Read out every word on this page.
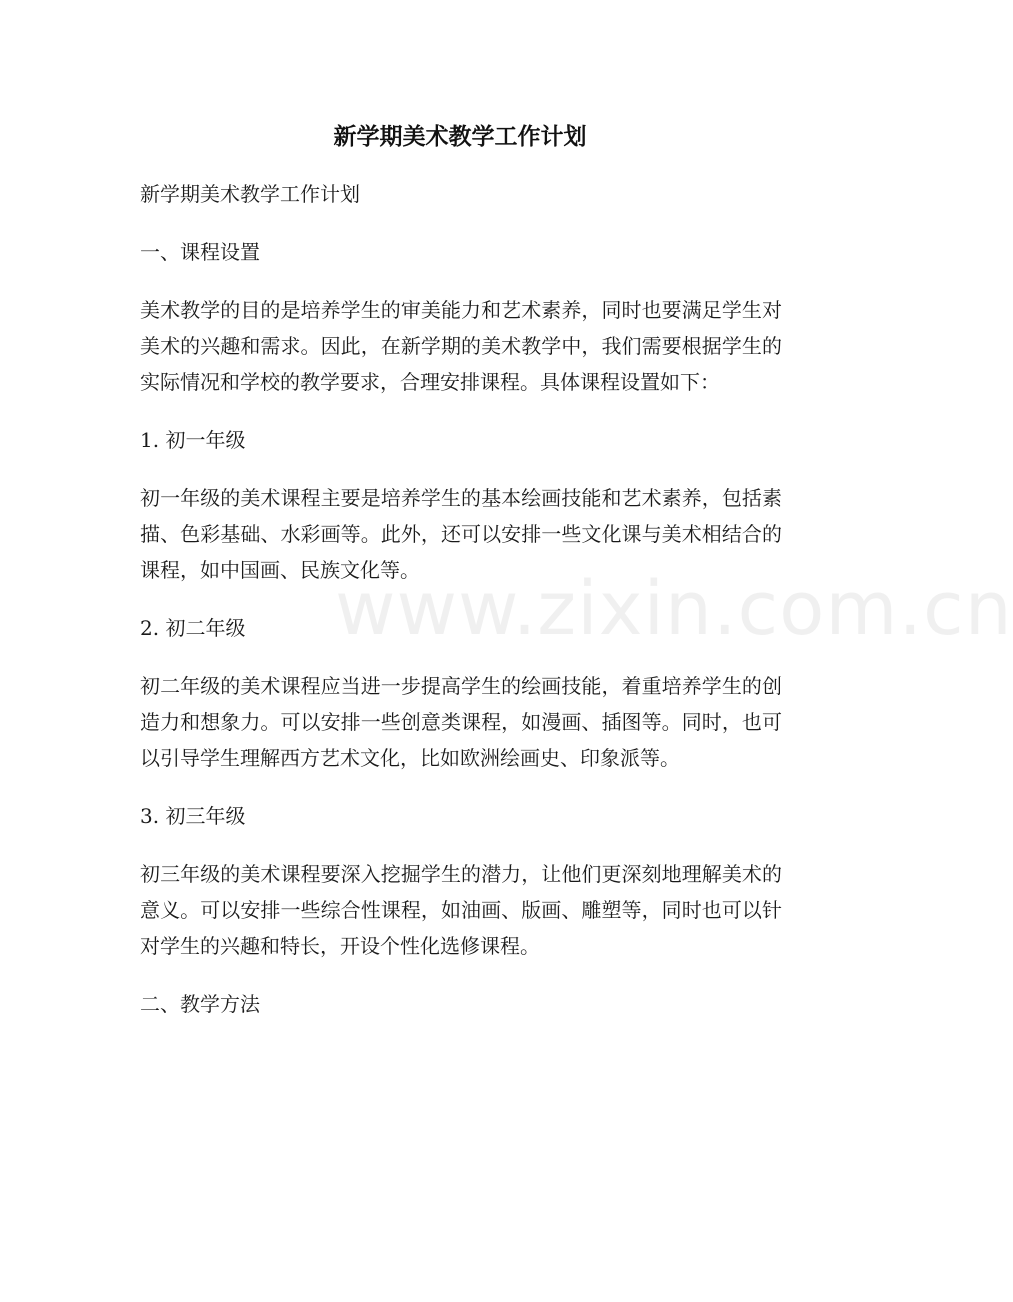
www.zixin.com.cn
新学期美术教学工作计划

新学期美术教学工作计划

一、课程设置

美术教学的目的是培养学生的审美能力和艺术素养，同时也要满足学生对美术的兴趣和需求。因此，在新学期的美术教学中，我们需要根据学生的实际情况和学校的教学要求，合理安排课程。具体课程设置如下：

1. 初一年级

初一年级的美术课程主要是培养学生的基本绘画技能和艺术素养，包括素描、色彩基础、水彩画等。此外，还可以安排一些文化课与美术相结合的课程，如中国画、民族文化等。

2. 初二年级

初二年级的美术课程应当进一步提高学生的绘画技能，着重培养学生的创造力和想象力。可以安排一些创意类课程，如漫画、插图等。同时，也可以引导学生理解西方艺术文化，比如欧洲绘画史、印象派等。

3. 初三年级

初三年级的美术课程要深入挖掘学生的潜力，让他们更深刻地理解美术的意义。可以安排一些综合性课程，如油画、版画、雕塑等，同时也可以针对学生的兴趣和特长，开设个性化选修课程。

二、教学方法
